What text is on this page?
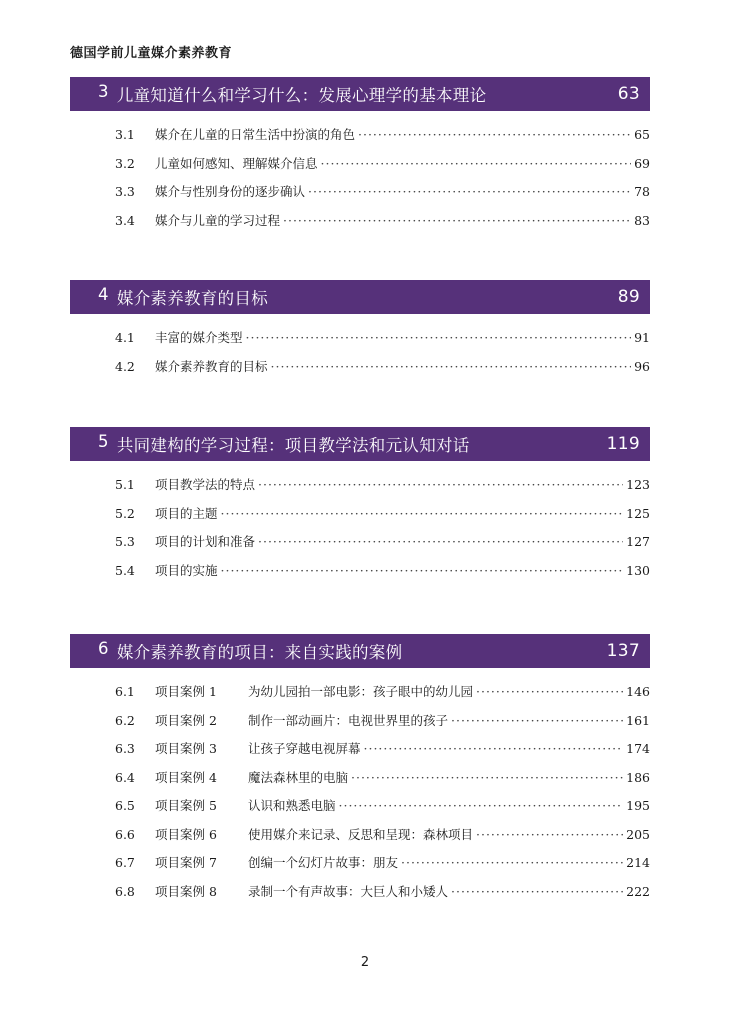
德国学前儿童媒介素养教育
3 儿童知道什么和学习什么：发展心理学的基本理论	63
3.1	媒介在儿童的日常生活中扮演的角色 ·····	65
3.2	儿童如何感知、理解媒介信息 ·····	69
3.3	媒介与性别身份的逐步确认 ·····	78
3.4	媒介与儿童的学习过程 ·····	83
4 媒介素养教育的目标	89
4.1	丰富的媒介类型 ·····	91
4.2	媒介素养教育的目标 ·····	96
5 共同建构的学习过程：项目教学法和元认知对话	119
5.1	项目教学法的特点 ·····	123
5.2	项目的主题 ·····	125
5.3	项目的计划和准备 ·····	127
5.4	项目的实施 ·····	130
6 媒介素养教育的项目：来自实践的案例	137
6.1	项目案例 1	为幼儿园拍一部电影：孩子眼中的幼儿园 ·····	146
6.2	项目案例 2	制作一部动画片：电视世界里的孩子 ·····	161
6.3	项目案例 3	让孩子穿越电视屏幕 ·····	174
6.4	项目案例 4	魔法森林里的电脑 ·····	186
6.5	项目案例 5	认识和熟悉电脑 ·····	195
6.6	项目案例 6	使用媒介来记录、反思和呈现：森林项目 ·····	205
6.7	项目案例 7	创编一个幻灯片故事：朋友 ·····	214
6.8	项目案例 8	录制一个有声故事：大巨人和小矮人 ·····	222
2
